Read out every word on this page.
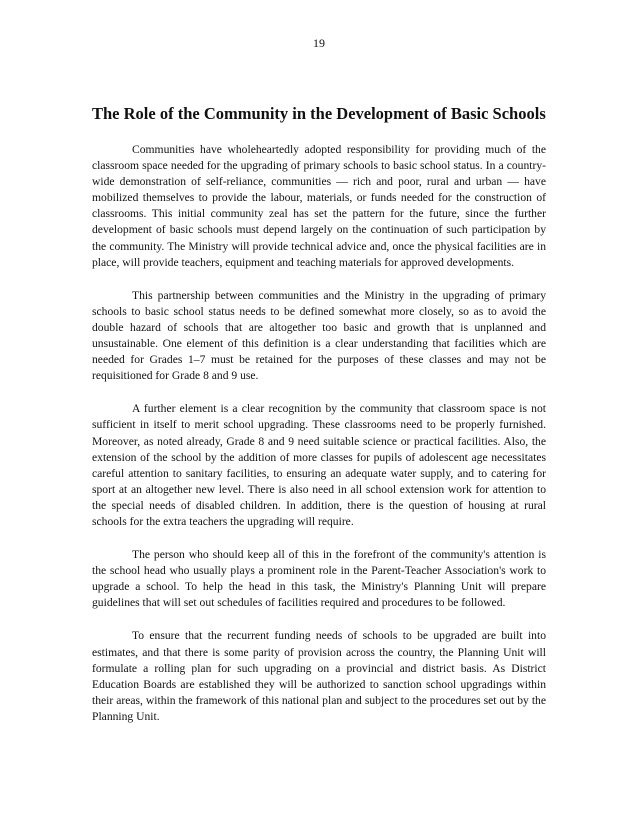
19
The Role of the Community in the Development of Basic Schools

Communities have wholeheartedly adopted responsibility for providing much of the classroom space needed for the upgrading of primary schools to basic school status. In a country-wide demonstration of self-reliance, communities — rich and poor, rural and urban — have mobilized themselves to provide the labour, materials, or funds needed for the construction of classrooms. This initial community zeal has set the pattern for the future, since the further development of basic schools must depend largely on the continuation of such participation by the community. The Ministry will provide technical advice and, once the physical facilities are in place, will provide teachers, equipment and teaching materials for approved developments.

This partnership between communities and the Ministry in the upgrading of primary schools to basic school status needs to be defined somewhat more closely, so as to avoid the double hazard of schools that are altogether too basic and growth that is unplanned and unsustainable. One element of this definition is a clear understanding that facilities which are needed for Grades 1–7 must be retained for the purposes of these classes and may not be requisitioned for Grade 8 and 9 use.

A further element is a clear recognition by the community that classroom space is not sufficient in itself to merit school upgrading. These classrooms need to be properly furnished. Moreover, as noted already, Grade 8 and 9 need suitable science or practical facilities. Also, the extension of the school by the addition of more classes for pupils of adolescent age necessitates careful attention to sanitary facilities, to ensuring an adequate water supply, and to catering for sport at an altogether new level. There is also need in all school extension work for attention to the special needs of disabled children. In addition, there is the question of housing at rural schools for the extra teachers the upgrading will require.

The person who should keep all of this in the forefront of the community's attention is the school head who usually plays a prominent role in the Parent-Teacher Association's work to upgrade a school. To help the head in this task, the Ministry's Planning Unit will prepare guidelines that will set out schedules of facilities required and procedures to be followed.

To ensure that the recurrent funding needs of schools to be upgraded are built into estimates, and that there is some parity of provision across the country, the Planning Unit will formulate a rolling plan for such upgrading on a provincial and district basis. As District Education Boards are established they will be authorized to sanction school upgradings within their areas, within the framework of this national plan and subject to the procedures set out by the Planning Unit.
